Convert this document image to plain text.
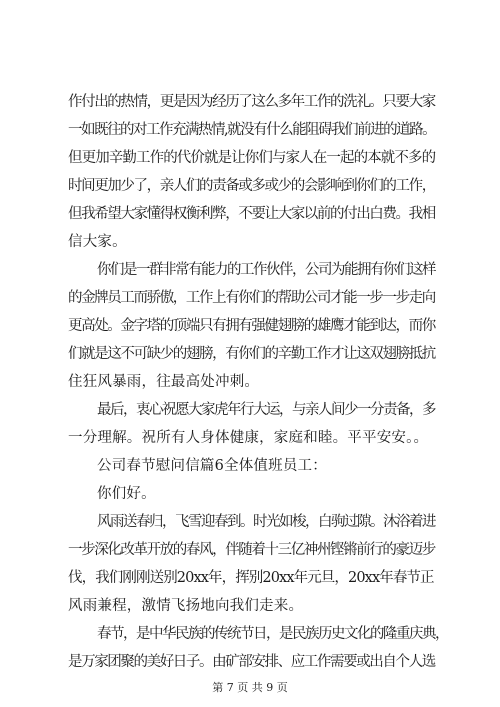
作付出的热情，更是因为经历了这么多年工作的洗礼。只要大家
一如既往的对工作充满热情,就没有什么能阻碍我们前进的道路。
但更加辛勤工作的代价就是让你们与家人在一起的本就不多的
时间更加少了，亲人们的责备或多或少的会影响到你们的工作，
但我希望大家懂得权衡利弊，不要让大家以前的付出白费。我相
信大家。
你们是一群非常有能力的工作伙伴，公司为能拥有你们这样
的金牌员工而骄傲，工作上有你们的帮助公司才能一步一步走向
更高处。金字塔的顶端只有拥有强健翅膀的雄鹰才能到达，而你
们就是这不可缺少的翅膀，有你们的辛勤工作才让这双翅膀抵抗
住狂风暴雨，往最高处冲刺。
最后，衷心祝愿大家虎年行大运，与亲人间少一分责备，多
一分理解。祝所有人身体健康，家庭和睦。平平安安。。
公司春节慰问信篇6全体值班员工：
你们好。
风雨送春归，飞雪迎春到。时光如梭，白驹过隙。沐浴着进
一步深化改革开放的春风，伴随着十三亿神州铿锵前行的豪迈步
伐，我们刚刚送别20xx年，挥别20xx年元旦，20xx年春节正
风雨兼程，激情飞扬地向我们走来。
春节，是中华民族的传统节日，是民族历史文化的隆重庆典，
是万家团聚的美好日子。由矿部安排、应工作需要或出自个人选
第 7 页 共 9 页
